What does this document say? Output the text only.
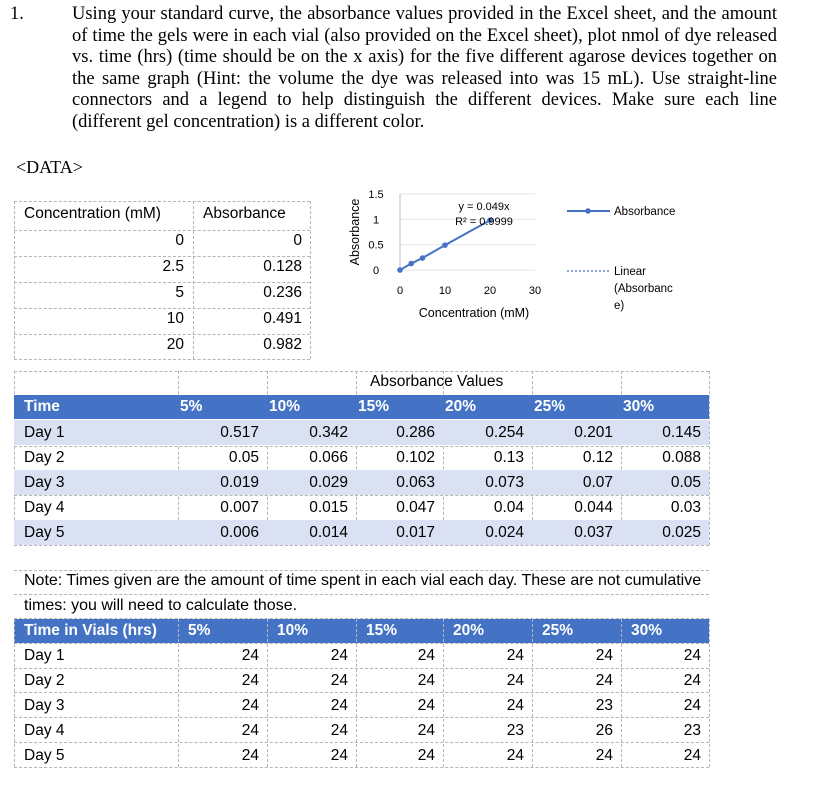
1.	Using your standard curve, the absorbance values provided in the Excel sheet, and the amount of time the gels were in each vial (also provided on the Excel sheet), plot nmol of dye released vs. time (hrs) (time should be on the x axis) for the five different agarose devices together on the same graph (Hint: the volume the dye was released into was 15 mL). Use straight-line connectors and a legend to help distinguish the different devices. Make sure each line (different gel concentration) is a different color.
<DATA>
Concentration (mM)	Absorbance
0	0
2.5	0.128
5	0.236
10	0.491
20	0.982
Absorbance Values
Time	5%	10%	15%	20%	25%	30%
Day 1	0.517	0.342	0.286	0.254	0.201	0.145
Day 2	0.05	0.066	0.102	0.13	0.12	0.088
Day 3	0.019	0.029	0.063	0.073	0.07	0.05
Day 4	0.007	0.015	0.047	0.04	0.044	0.03
Day 5	0.006	0.014	0.017	0.024	0.037	0.025
Note: Times given are the amount of time spent in each vial each day. These are not cumulative
times: you will need to calculate those.
Time in Vials (hrs) 5%	10%	15%	20%	25%	30%
Day 1	24	24	24	24	24	24
Day 2	24	24	24	24	24	24
Day 3	24	24	24	24	23	24
Day 4	24	24	24	23	26	23
Day 5	24	24	24	24	24	24
0
0.5
1
1.5
0	10	20	30
Concentration (mM)
Absorbance	y = 0.049x
R² = 0.9999
Absorbance
Linear
(Absorbanc
e)
